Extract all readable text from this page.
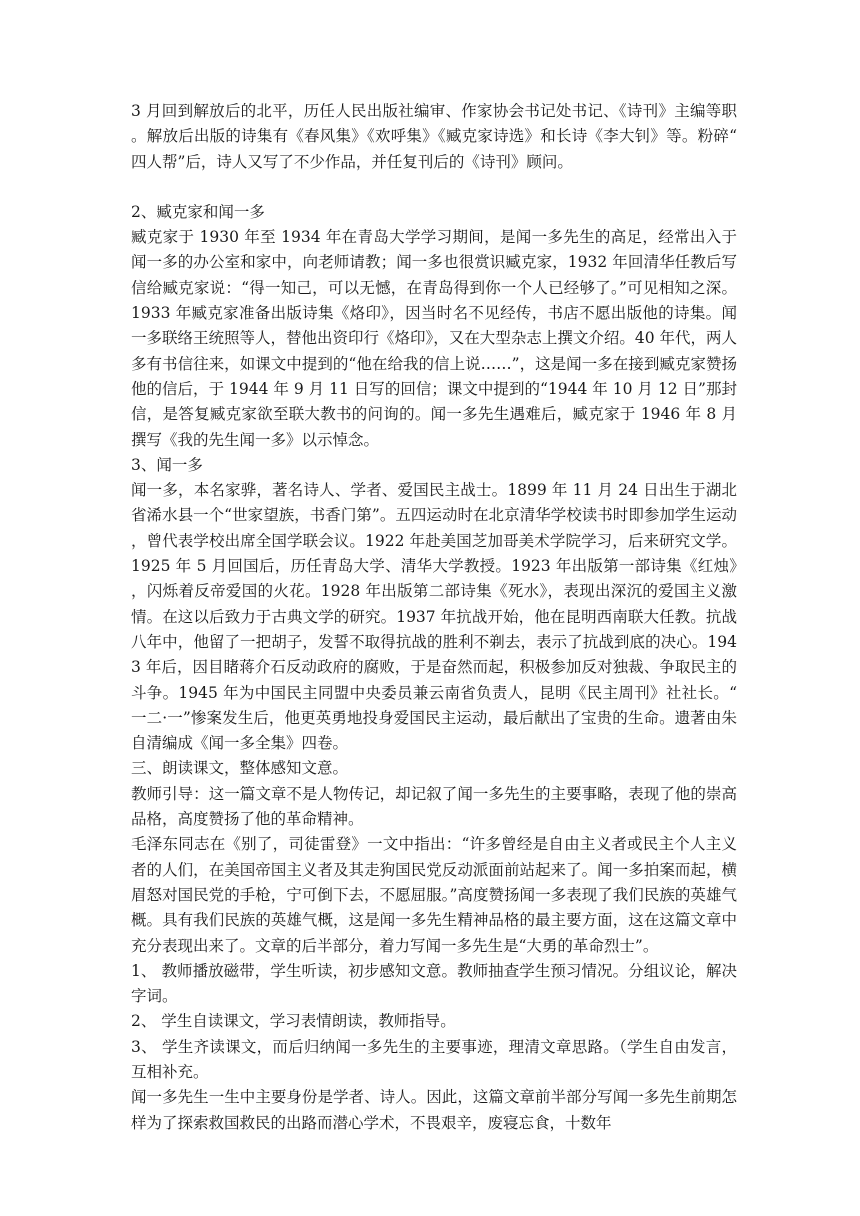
3 月回到解放后的北平，历任人民出版社编审、作家协会书记处书记、《诗刊》主编等职。解放后出版的诗集有《春风集》《欢呼集》《臧克家诗选》和长诗《李大钊》等。粉碎“四人帮”后，诗人又写了不少作品，并任复刊后的《诗刊》顾问。

2、臧克家和闻一多

臧克家于 1930 年至 1934 年在青岛大学学习期间，是闻一多先生的高足，经常出入于闻一多的办公室和家中，向老师请教；闻一多也很赏识臧克家，1932 年回清华任教后写信给臧克家说：“得一知己，可以无憾，在青岛得到你一个人已经够了。”可见相知之深。1933 年臧克家准备出版诗集《烙印》，因当时名不见经传，书店不愿出版他的诗集。闻一多联络王统照等人，替他出资印行《烙印》，又在大型杂志上撰文介绍。40 年代，两人多有书信往来，如课文中提到的“他在给我的信上说……”，这是闻一多在接到臧克家赞扬他的信后，于 1944 年 9 月 11 日写的回信；课文中提到的“1944 年 10 月 12 日”那封信，是答复臧克家欲至联大教书的问询的。闻一多先生遇难后，臧克家于 1946 年 8 月撰写《我的先生闻一多》以示悼念。

3、闻一多

闻一多，本名家骅，著名诗人、学者、爱国民主战士。1899 年 11 月 24 日出生于湖北省浠水县一个“世家望族，书香门第”。五四运动时在北京清华学校读书时即参加学生运动，曾代表学校出席全国学联会议。1922 年赴美国芝加哥美术学院学习，后来研究文学。1925 年 5 月回国后，历任青岛大学、清华大学教授。1923 年出版第一部诗集《红烛》，闪烁着反帝爱国的火花。1928 年出版第二部诗集《死水》，表现出深沉的爱国主义激情。在这以后致力于古典文学的研究。1937 年抗战开始，他在昆明西南联大任教。抗战八年中，他留了一把胡子，发誓不取得抗战的胜利不剃去，表示了抗战到底的决心。1943 年后，因目睹蒋介石反动政府的腐败，于是奋然而起，积极参加反对独裁、争取民主的斗争。1945 年为中国民主同盟中央委员兼云南省负责人，昆明《民主周刊》社社长。“一二·一”惨案发生后，他更英勇地投身爱国民主运动，最后献出了宝贵的生命。遗著由朱自清编成《闻一多全集》四卷。

三、朗读课文，整体感知文意。

教师引导：这一篇文章不是人物传记，却记叙了闻一多先生的主要事略，表现了他的崇高品格，高度赞扬了他的革命精神。

毛泽东同志在《别了，司徒雷登》一文中指出：“许多曾经是自由主义者或民主个人主义者的人们，在美国帝国主义者及其走狗国民党反动派面前站起来了。闻一多拍案而起，横眉怒对国民党的手枪，宁可倒下去，不愿屈服。”高度赞扬闻一多表现了我们民族的英雄气概。具有我们民族的英雄气概，这是闻一多先生精神品格的最主要方面，这在这篇文章中充分表现出来了。文章的后半部分，着力写闻一多先生是“大勇的革命烈士”。

1、 教师播放磁带，学生听读，初步感知文意。教师抽查学生预习情况。分组议论，解决字词。

2、 学生自读课文，学习表情朗读，教师指导。

3、 学生齐读课文，而后归纳闻一多先生的主要事迹，理清文章思路。（学生自由发言，互相补充。

闻一多先生一生中主要身份是学者、诗人。因此，这篇文章前半部分写闻一多先生前期怎样为了探索救国救民的出路而潜心学术，不畏艰辛，废寝忘食，十数年
